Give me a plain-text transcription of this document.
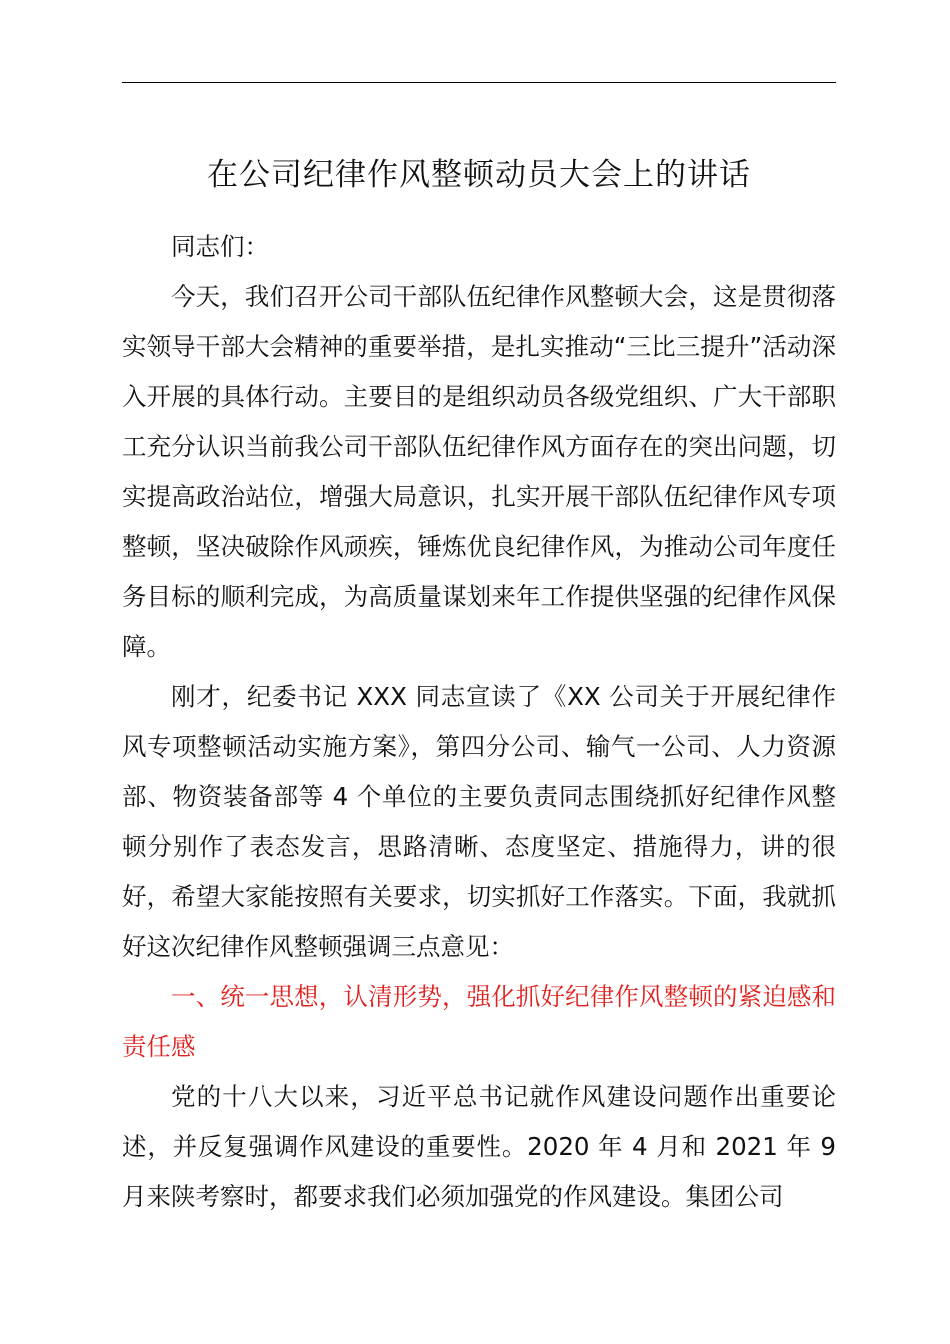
在公司纪律作风整顿动员大会上的讲话

同志们：

今天，我们召开公司干部队伍纪律作风整顿大会，这是贯彻落实领导干部大会精神的重要举措，是扎实推动“三比三提升”活动深入开展的具体行动。主要目的是组织动员各级党组织、广大干部职工充分认识当前我公司干部队伍纪律作风方面存在的突出问题，切实提高政治站位，增强大局意识，扎实开展干部队伍纪律作风专项整顿，坚决破除作风顽疾，锤炼优良纪律作风，为推动公司年度任务目标的顺利完成，为高质量谋划来年工作提供坚强的纪律作风保障。

刚才，纪委书记 XXX 同志宣读了《XX 公司关于开展纪律作风专项整顿活动实施方案》，第四分公司、输气一公司、人力资源部、物资装备部等 4 个单位的主要负责同志围绕抓好纪律作风整顿分别作了表态发言，思路清晰、态度坚定、措施得力，讲的很好，希望大家能按照有关要求，切实抓好工作落实。下面，我就抓好这次纪律作风整顿强调三点意见：

一、统一思想，认清形势，强化抓好纪律作风整顿的紧迫感和责任感

党的十八大以来，习近平总书记就作风建设问题作出重要论述，并反复强调作风建设的重要性。2020 年 4 月和 2021 年 9 月来陕考察时，都要求我们必须加强党的作风建设。集团公司
